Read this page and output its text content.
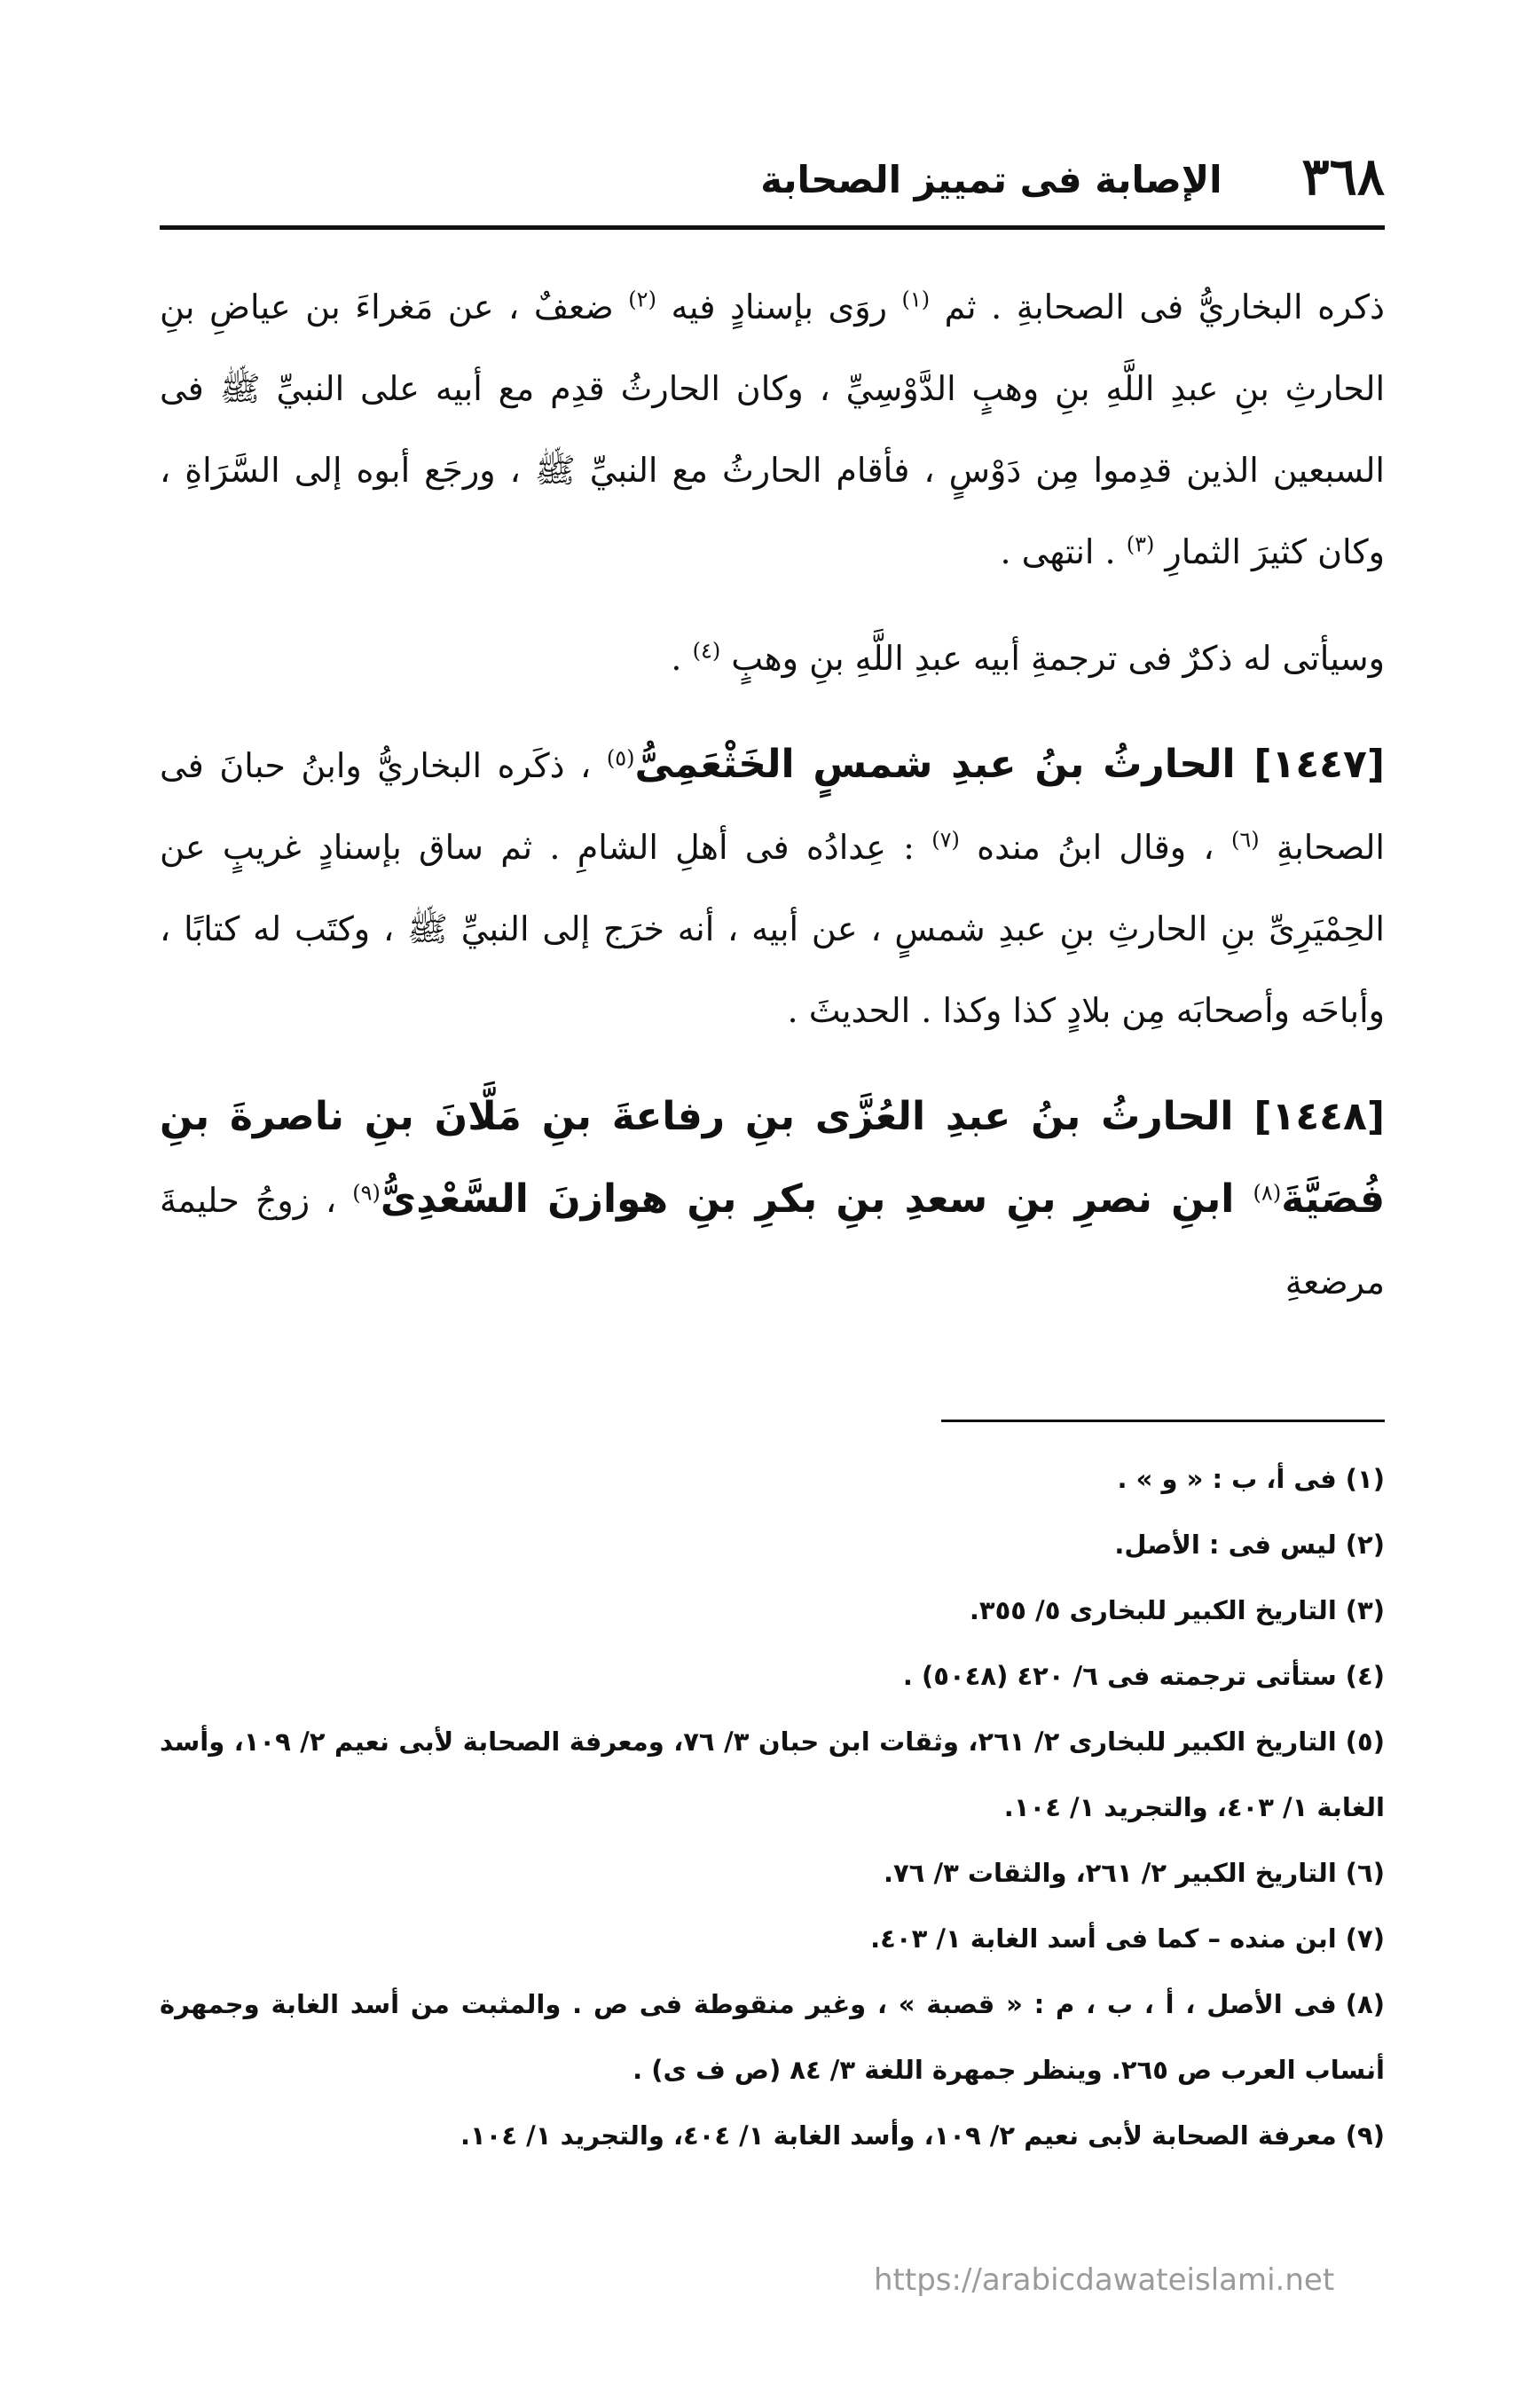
٣٦٨
الإصابة فى تمييز الصحابة

ذكره البخاريُّ فى الصحابةِ . ثم $^{(١)}$ روَى بإسنادٍ فيه $^{(٢)}$ ضعفٌ ، عن مَغراءَ بن عياضِ بنِ الحارثِ بنِ عبدِ اللَّهِ بنِ وهبٍ الدَّوْسِيِّ ، وكان الحارثُ قدِم مع أبيه على النبيِّ ﷺ فى السبعين الذين قدِموا مِن دَوْسٍ ، فأقام الحارثُ مع النبيِّ ﷺ ، ورجَع أبوه إلى السَّرَاةِ ، وكان كثيرَ الثمارِ $^{(٣)}$ . انتهى .

وسيأتى له ذكرٌ فى ترجمةِ أبيه عبدِ اللَّهِ بنِ وهبٍ $^{(٤)}$ .

[١٤٤٧] الحارثُ بنُ عبدِ شمسٍ الخَثْعَمِىُّ$^{(٥)}$ ، ذكَره البخاريُّ وابنُ حبانَ فى الصحابةِ $^{(٦)}$ ، وقال ابنُ منده $^{(٧)}$ : عِدادُه فى أهلِ الشامِ . ثم ساق بإسنادٍ غريبٍ عن الحِمْيَرِىِّ بنِ الحارثِ بنِ عبدِ شمسٍ ، عن أبيه ، أنه خرَج إلى النبيِّ ﷺ ، وكتَب له كتابًا ، وأباحَه وأصحابَه مِن بلادٍ كذا وكذا . الحديثَ .

[١٤٤٨] الحارثُ بنُ عبدِ العُزَّى بنِ رفاعةَ بنِ مَلَّانَ بنِ ناصرةَ بنِ فُصَيَّةَ$^{(٨)}$ ابنِ نصرِ بنِ سعدِ بنِ بكرِ بنِ هوازنَ السَّعْدِىُّ$^{(٩)}$ ، زوجُ حليمةَ مرضعةِ

(١)فى أ، ب : « و » .

(٢)ليس فى : الأصل.

(٣)التاريخ الكبير للبخارى ٥/ ٣٥٥.

(٤)ستأتى ترجمته فى ٦/ ٤٢٠ (٥٠٤٨) .

(٥)التاريخ الكبير للبخارى ٢/ ٢٦١، وثقات ابن حبان ٣/ ٧٦، ومعرفة الصحابة لأبى نعيم ٢/ ١٠٩، وأسد الغابة ١/ ٤٠٣، والتجريد ١/ ١٠٤.

(٦)التاريخ الكبير ٢/ ٢٦١، والثقات ٣/ ٧٦.

(٧)ابن منده – كما فى أسد الغابة ١/ ٤٠٣.

(٨)فى الأصل ، أ ، ب ، م : « قصبة » ، وغير منقوطة فى ص . والمثبت من أسد الغابة وجمهرة أنساب العرب ص ٢٦٥. وينظر جمهرة اللغة ٣/ ٨٤ (ص ف ى) .

(٩)معرفة الصحابة لأبى نعيم ٢/ ١٠٩، وأسد الغابة ١/ ٤٠٤، والتجريد ١/ ١٠٤.

https://arabicdawateislami.net
